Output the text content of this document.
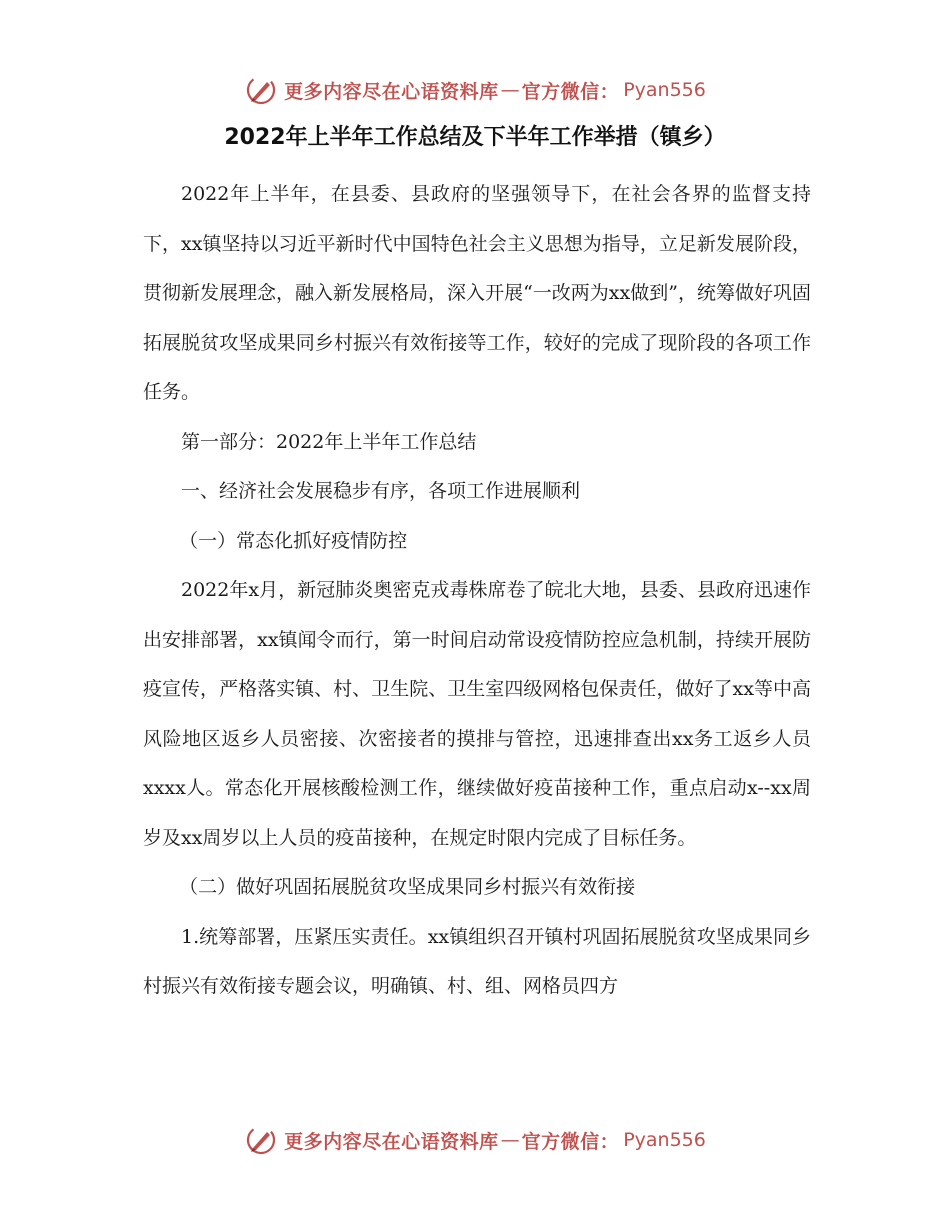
更多内容尽在心语资料库 — 官方微信： Pyan556
2022年上半年工作总结及下半年工作举措（镇乡）

2022年上半年，在县委、县政府的坚强领导下，在社会各界的监督支持下，xx镇坚持以习近平新时代中国特色社会主义思想为指导，立足新发展阶段，贯彻新发展理念，融入新发展格局，深入开展“一改两为xx做到”，统筹做好巩固拓展脱贫攻坚成果同乡村振兴有效衔接等工作，较好的完成了现阶段的各项工作任务。

第一部分：2022年上半年工作总结

一、经济社会发展稳步有序，各项工作进展顺利

（一）常态化抓好疫情防控

2022年x月，新冠肺炎奥密克戎毒株席卷了皖北大地，县委、县政府迅速作出安排部署，xx镇闻令而行，第一时间启动常设疫情防控应急机制，持续开展防疫宣传，严格落实镇、村、卫生院、卫生室四级网格包保责任，做好了xx等中高风险地区返乡人员密接、次密接者的摸排与管控，迅速排查出xx务工返乡人员xxxx人。常态化开展核酸检测工作，继续做好疫苗接种工作，重点启动x--xx周岁及xx周岁以上人员的疫苗接种，在规定时限内完成了目标任务。

（二）做好巩固拓展脱贫攻坚成果同乡村振兴有效衔接

1.统筹部署，压紧压实责任。xx镇组织召开镇村巩固拓展脱贫攻坚成果同乡村振兴有效衔接专题会议，明确镇、村、组、网格员四方

更多内容尽在心语资料库 — 官方微信： Pyan556
